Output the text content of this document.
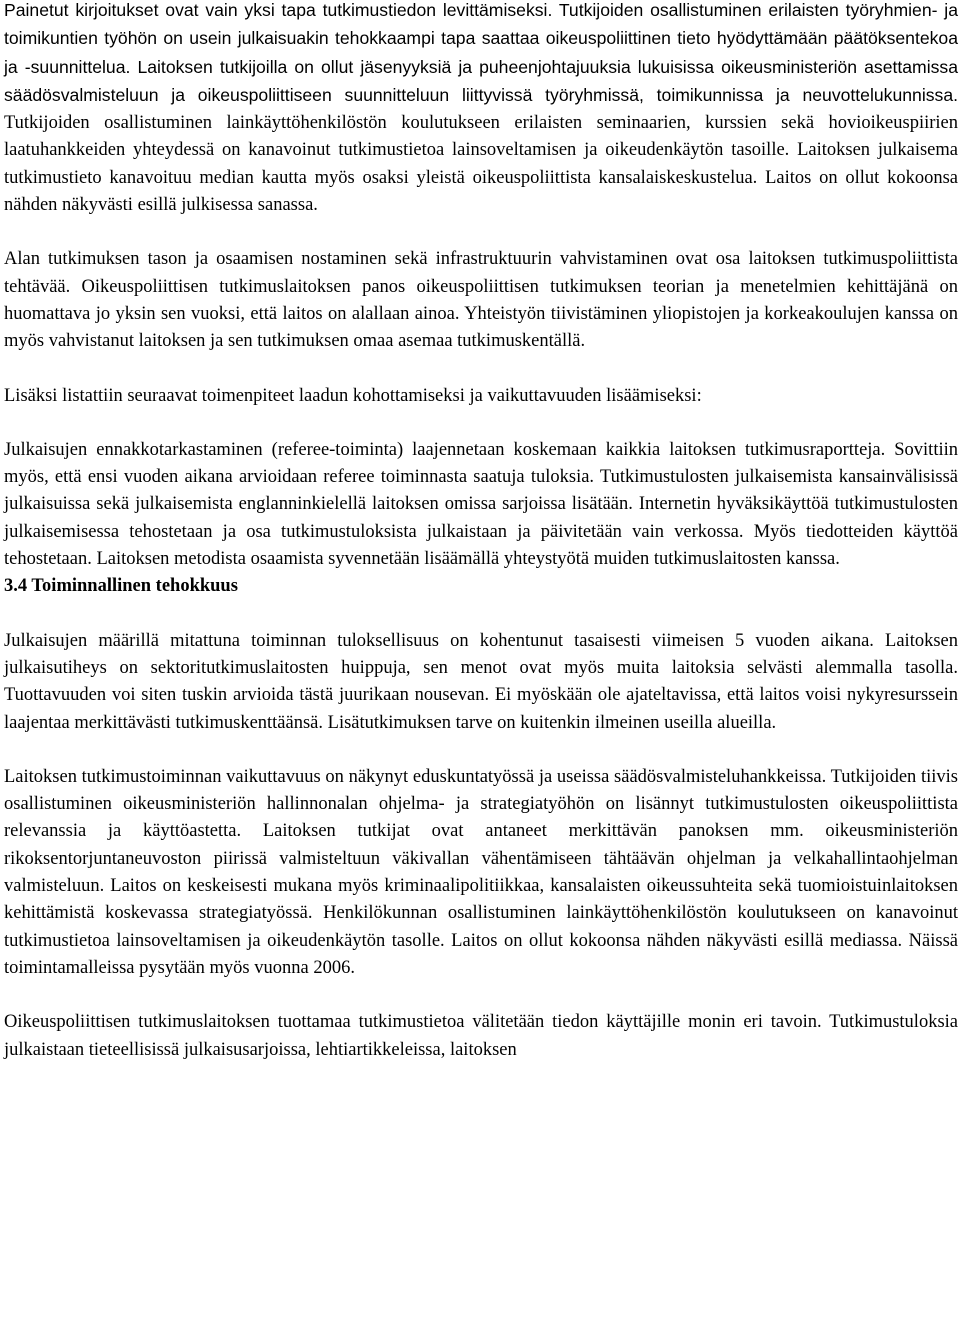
Painetut kirjoitukset ovat vain yksi tapa tutkimustiedon levittämiseksi. Tutkijoiden osallistuminen erilaisten työryhmien- ja toimikuntien työhön on usein julkaisuakin tehokkaampi tapa saattaa oikeuspoliittinen tieto hyödyttämään päätöksentekoa ja -suunnittelua. Laitoksen tutkijoilla on ollut jäsenyyksiä ja puheenjohtajuuksia lukuisissa oikeusministeriön asettamissa säädösvalmisteluun ja oikeuspoliittiseen suunnitteluun liittyvissä työryhmissä, toimikunnissa ja neuvottelukunnissa. Tutkijoiden osallistuminen lainkäyttöhenkilöstön koulutukseen erilaisten seminaarien, kurssien sekä hovioikeuspiirien laatuhankkeiden yhteydessä on kanavoinut tutkimustietoa lainsoveltamisen ja oikeudenkäytön tasoille. Laitoksen julkaisema tutkimustieto kanavoituu median kautta myös osaksi yleistä oikeuspoliittista kansalaiskeskustelua. Laitos on ollut kokoonsa nähden näkyvästi esillä julkisessa sanassa.

Alan tutkimuksen tason ja osaamisen nostaminen sekä infrastruktuurin vahvistaminen ovat osa laitoksen tutkimuspoliittista tehtävää. Oikeuspoliittisen tutkimuslaitoksen panos oikeuspoliittisen tutkimuksen teorian ja menetelmien kehittäjänä on huomattava jo yksin sen vuoksi, että laitos on alallaan ainoa. Yhteistyön tiivistäminen yliopistojen ja korkeakoulujen kanssa on myös vahvistanut laitoksen ja sen tutkimuksen omaa asemaa tutkimuskentällä.

Lisäksi listattiin seuraavat toimenpiteet laadun kohottamiseksi ja vaikuttavuuden lisäämiseksi:

Julkaisujen ennakkotarkastaminen (referee-toiminta) laajennetaan koskemaan kaikkia laitoksen tutkimusraportteja. Sovittiin myös, että ensi vuoden aikana arvioidaan referee toiminnasta saatuja tuloksia. Tutkimustulosten julkaisemista kansainvälisissä julkaisuissa sekä julkaisemista englanninkielellä laitoksen omissa sarjoissa lisätään. Internetin hyväksikäyttöä tutkimustulosten julkaisemisessa tehostetaan ja osa tutkimustuloksista julkaistaan ja päivitetään vain verkossa. Myös tiedotteiden käyttöä tehostetaan. Laitoksen metodista osaamista syvennetään lisäämällä yhteystyötä muiden tutkimuslaitosten kanssa.

3.4 Toiminnallinen tehokkuus

Julkaisujen määrillä mitattuna toiminnan tuloksellisuus on kohentunut tasaisesti viimeisen 5 vuoden aikana. Laitoksen julkaisutiheys on sektoritutkimuslaitosten huippuja, sen menot ovat myös muita laitoksia selvästi alemmalla tasolla. Tuottavuuden voi siten tuskin arvioida tästä juurikaan nousevan. Ei myöskään ole ajateltavissa, että laitos voisi nykyresurssein laajentaa merkittävästi tutkimuskenttäänsä. Lisätutkimuksen tarve on kuitenkin ilmeinen useilla alueilla.

Laitoksen tutkimustoiminnan vaikuttavuus on näkynyt eduskuntatyössä ja useissa säädösvalmisteluhankkeissa. Tutkijoiden tiivis osallistuminen oikeusministeriön hallinnonalan ohjelma- ja strategiatyöhön on lisännyt tutkimustulosten oikeuspoliittista relevanssia ja käyttöastetta. Laitoksen tutkijat ovat antaneet merkittävän panoksen mm. oikeusministeriön rikoksentorjuntaneuvoston piirissä valmisteltuun väkivallan vähentämiseen tähtäävän ohjelman ja velkahallintaohjelman valmisteluun. Laitos on keskeisesti mukana myös kriminaalipolitiikkaa, kansalaisten oikeussuhteita sekä tuomioistuinlaitoksen kehittämistä koskevassa strategiatyössä. Henkilökunnan osallistuminen lainkäyttöhenkilöstön koulutukseen on kanavoinut tutkimustietoa lainsoveltamisen ja oikeudenkäytön tasolle. Laitos on ollut kokoonsa nähden näkyvästi esillä mediassa. Näissä toimintamalleissa pysytään myös vuonna 2006.

Oikeuspoliittisen tutkimuslaitoksen tuottamaa tutkimustietoa välitetään tiedon käyttäjille monin eri tavoin. Tutkimustuloksia julkaistaan tieteellisissä julkaisusarjoissa, lehtiartikkeleissa, laitoksen
